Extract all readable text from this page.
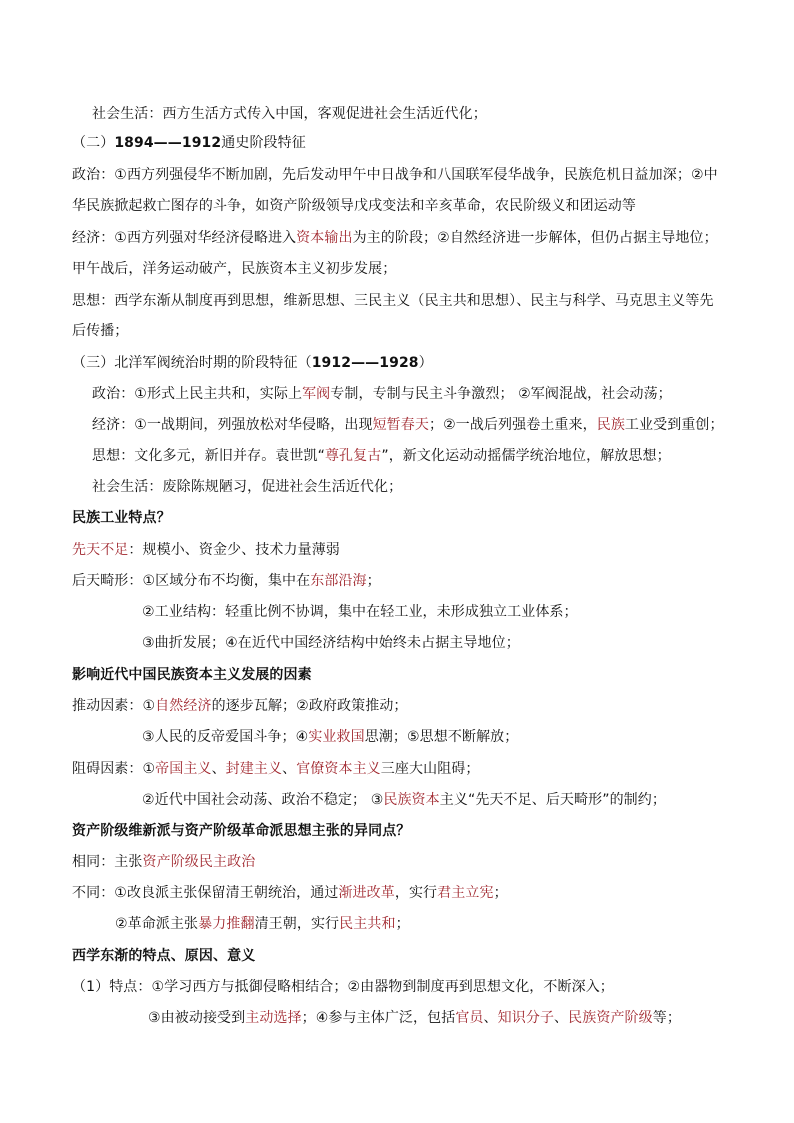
社会生活：西方生活方式传入中国，客观促进社会生活近代化；
（二）1894——1912通史阶段特征
政治：①西方列强侵华不断加剧，先后发动甲午中日战争和八国联军侵华战争，民族危机日益加深；②中
华民族掀起救亡图存的斗争，如资产阶级领导戊戌变法和辛亥革命，农民阶级义和团运动等
经济：①西方列强对华经济侵略进入资本输出为主的阶段；②自然经济进一步解体，但仍占据主导地位；
甲午战后，洋务运动破产，民族资本主义初步发展；
思想：西学东渐从制度再到思想，维新思想、三民主义（民主共和思想）、民主与科学、马克思主义等先
后传播；
（三）北洋军阀统治时期的阶段特征（1912——1928）
政治：①形式上民主共和，实际上军阀专制，专制与民主斗争激烈； ②军阀混战，社会动荡；
经济：①一战期间，列强放松对华侵略，出现短暂春天；②一战后列强卷土重来，民族工业受到重创；
思想：文化多元，新旧并存。袁世凯“尊孔复古”，新文化运动动摇儒学统治地位，解放思想；
社会生活：废除陈规陋习，促进社会生活近代化；
民族工业特点？
先天不足：规模小、资金少、技术力量薄弱
后天畸形：①区域分布不均衡，集中在东部沿海；
②工业结构：轻重比例不协调，集中在轻工业，未形成独立工业体系；
③曲折发展；④在近代中国经济结构中始终未占据主导地位；
影响近代中国民族资本主义发展的因素
推动因素：①自然经济的逐步瓦解；②政府政策推动；
③人民的反帝爱国斗争；④实业救国思潮；⑤思想不断解放；
阻碍因素：①帝国主义、封建主义、官僚资本主义三座大山阻碍；
②近代中国社会动荡、政治不稳定； ③民族资本主义“先天不足、后天畸形”的制约；
资产阶级维新派与资产阶级革命派思想主张的异同点？
相同：主张资产阶级民主政治
不同：①改良派主张保留清王朝统治，通过渐进改革，实行君主立宪；
②革命派主张暴力推翻清王朝，实行民主共和；
西学东渐的特点、原因、意义
（1）特点：①学习西方与抵御侵略相结合；②由器物到制度再到思想文化，不断深入；
③由被动接受到主动选择；④参与主体广泛，包括官员、知识分子、民族资产阶级等；
